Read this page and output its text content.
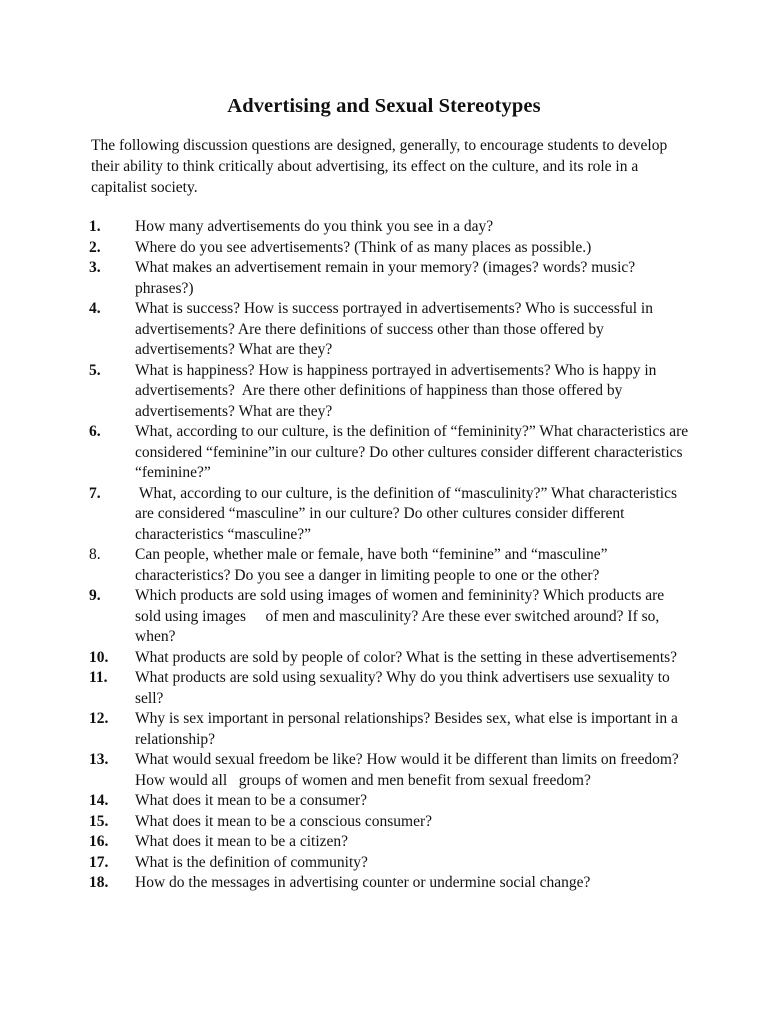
Advertising and Sexual Stereotypes
The following discussion questions are designed, generally, to encourage students to develop their ability to think critically about advertising, its effect on the culture, and its role in a capitalist society.
1. How many advertisements do you think you see in a day?
2. Where do you see advertisements? (Think of as many places as possible.)
3. What makes an advertisement remain in your memory? (images? words? music? phrases?)
4. What is success? How is success portrayed in advertisements? Who is successful in advertisements? Are there definitions of success other than those offered by advertisements? What are they?
5. What is happiness? How is happiness portrayed in advertisements? Who is happy in advertisements?  Are there other definitions of happiness than those offered by advertisements? What are they?
6. What, according to our culture, is the definition of “femininity?” What characteristics are considered “feminine”in our culture? Do other cultures consider different characteristics “feminine?”
7. What, according to our culture, is the definition of “masculinity?” What characteristics are considered “masculine” in our culture? Do other cultures consider different characteristics “masculine?”
8. Can people, whether male or female, have both “feminine” and “masculine” characteristics? Do you see a danger in limiting people to one or the other?
9. Which products are sold using images of women and femininity? Which products are sold using images     of men and masculinity? Are these ever switched around? If so, when?
10. What products are sold by people of color? What is the setting in these advertisements?
11. What products are sold using sexuality? Why do you think advertisers use sexuality to sell?
12. Why is sex important in personal relationships? Besides sex, what else is important in a relationship?
13. What would sexual freedom be like? How would it be different than limits on freedom? How would all   groups of women and men benefit from sexual freedom?
14. What does it mean to be a consumer?
15. What does it mean to be a conscious consumer?
16. What does it mean to be a citizen?
17. What is the definition of community?
18. How do the messages in advertising counter or undermine social change?
